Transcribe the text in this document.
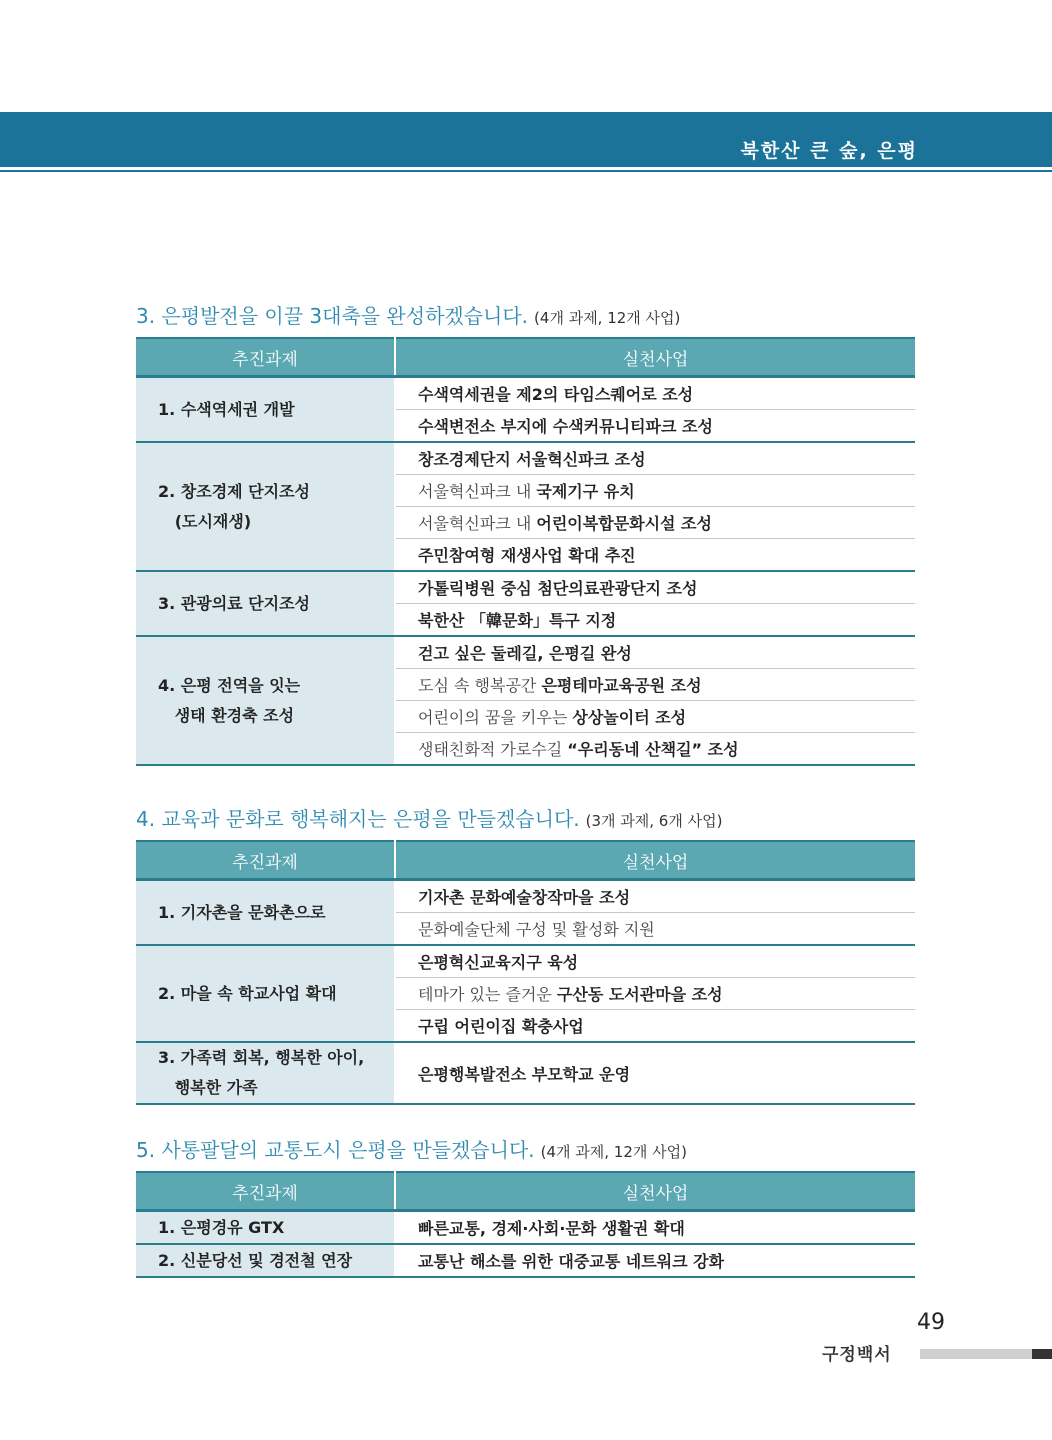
북한산 큰 숲, 은평
3. 은평발전을 이끌 3대축을 완성하겠습니다. (4개 과제, 12개 사업)
추진과제	실천사업

1. 수색역세권 개발	수색역세권을 제2의 타임스퀘어로 조성
	수색변전소 부지에 수색커뮤니티파크 조성

2. 창조경제 단지조성
(도시재생)	창조경제단지 서울혁신파크 조성
	서울혁신파크 내 국제기구 유치
	서울혁신파크 내 어린이복합문화시설 조성
	주민참여형 재생사업 확대 추진

3. 관광의료 단지조성	가톨릭병원 중심 첨단의료관광단지 조성
	북한산 「韓문화」특구 지정

4. 은평 전역을 잇는
생태 환경축 조성	걷고 싶은 둘레길, 은평길 완성
	도심 속 행복공간 은평테마교육공원 조성
	어린이의 꿈을 키우는 상상놀이터 조성
	생태친화적 가로수길 “우리동네 산책길” 조성
4. 교육과 문화로 행복해지는 은평을 만들겠습니다. (3개 과제, 6개 사업)
추진과제	실천사업

1. 기자촌을 문화촌으로	기자촌 문화예술창작마을 조성
	문화예술단체 구성 및 활성화 지원

2. 마을 속 학교사업 확대	은평혁신교육지구 육성
	테마가 있는 즐거운 구산동 도서관마을 조성
	구립 어린이집 확충사업

3. 가족력 회복, 행복한 아이,
행복한 가족	은평행복발전소 부모학교 운영
5. 사통팔달의 교통도시 은평을 만들겠습니다. (4개 과제, 12개 사업)
추진과제	실천사업

1. 은평경유 GTX	빠른교통, 경제·사회·문화 생활권 확대

2. 신분당선 및 경전철 연장	교통난 해소를 위한 대중교통 네트워크 강화
49
구정백서
